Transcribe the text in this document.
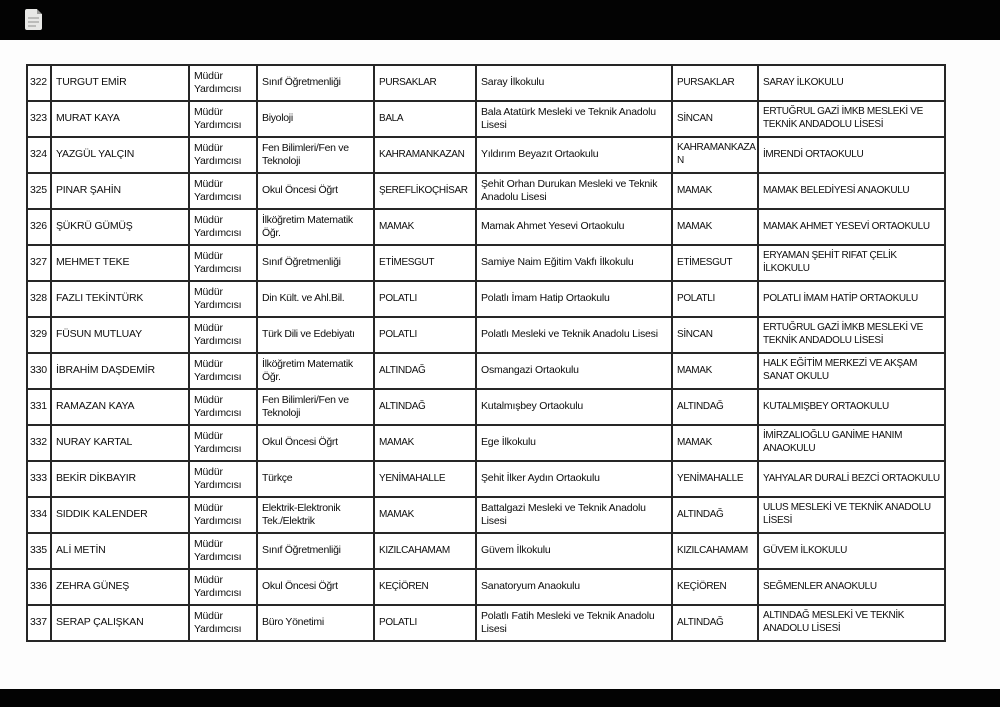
322	TURGUT EMİR	Müdür Yardımcısı	Sınıf Öğretmenliği	PURSAKLAR	Saray İlkokulu	PURSAKLAR	SARAY İLKOKULU
323	MURAT KAYA	Müdür Yardımcısı	Biyoloji	BALA	Bala Atatürk Mesleki ve Teknik Anadolu Lisesi	SİNCAN	ERTUĞRUL GAZİ İMKB MESLEKİ VE TEKNİK ANDADOLU LİSESİ
324	YAZGÜL YALÇIN	Müdür Yardımcısı	Fen Bilimleri/Fen ve Teknoloji	KAHRAMANKAZAN	Yıldırım Beyazıt Ortaokulu	KAHRAMANKAZAN	İMRENDİ ORTAOKULU
325	PINAR ŞAHİN	Müdür Yardımcısı	Okul Öncesi Öğrt	ŞEREFLİKOÇHİSAR	Şehit Orhan Durukan Mesleki ve Teknik Anadolu Lisesi	MAMAK	MAMAK BELEDİYESİ ANAOKULU
326	ŞÜKRÜ GÜMÜŞ	Müdür Yardımcısı	İlköğretim Matematik Öğr.	MAMAK	Mamak Ahmet Yesevi Ortaokulu	MAMAK	MAMAK AHMET YESEVİ ORTAOKULU
327	MEHMET TEKE	Müdür Yardımcısı	Sınıf Öğretmenliği	ETİMESGUT	Samiye Naim Eğitim Vakfı İlkokulu	ETİMESGUT	ERYAMAN ŞEHİT RIFAT ÇELİK İLKOKULU
328	FAZLI TEKİNTÜRK	Müdür Yardımcısı	Din Kült. ve Ahl.Bil.	POLATLI	Polatlı İmam Hatip Ortaokulu	POLATLI	POLATLI İMAM HATİP ORTAOKULU
329	FÜSUN MUTLUAY	Müdür Yardımcısı	Türk Dili ve Edebiyatı	POLATLI	Polatlı Mesleki ve Teknik Anadolu Lisesi	SİNCAN	ERTUĞRUL GAZİ İMKB MESLEKİ VE TEKNİK ANDADOLU LİSESİ
330	İBRAHİM DAŞDEMİR	Müdür Yardımcısı	İlköğretim Matematik Öğr.	ALTINDAĞ	Osmangazi Ortaokulu	MAMAK	HALK EĞİTİM MERKEZİ VE AKŞAM SANAT OKULU
331	RAMAZAN KAYA	Müdür Yardımcısı	Fen Bilimleri/Fen ve Teknoloji	ALTINDAĞ	Kutalmışbey Ortaokulu	ALTINDAĞ	KUTALMIŞBEY ORTAOKULU
332	NURAY KARTAL	Müdür Yardımcısı	Okul Öncesi Öğrt	MAMAK	Ege İlkokulu	MAMAK	İMİRZALIOĞLU GANİME HANIM ANAOKULU
333	BEKİR DİKBAYIR	Müdür Yardımcısı	Türkçe	YENİMAHALLE	Şehit İlker Aydın Ortaokulu	YENİMAHALLE	YAHYALAR DURALİ BEZCİ ORTAOKULU
334	SIDDIK KALENDER	Müdür Yardımcısı	Elektrik-Elektronik Tek./Elektrik	MAMAK	Battalgazi Mesleki ve Teknik Anadolu Lisesi	ALTINDAĞ	ULUS MESLEKİ VE TEKNİK ANADOLU LİSESİ
335	ALİ METİN	Müdür Yardımcısı	Sınıf Öğretmenliği	KIZILCAHAMAM	Güvem İlkokulu	KIZILCAHAMAM	GÜVEM İLKOKULU
336	ZEHRA GÜNEŞ	Müdür Yardımcısı	Okul Öncesi Öğrt	KEÇİÖREN	Sanatoryum Anaokulu	KEÇİÖREN	SEĞMENLER ANAOKULU
337	SERAP ÇALIŞKAN	Müdür Yardımcısı	Büro Yönetimi	POLATLI	Polatlı Fatih Mesleki ve Teknik Anadolu Lisesi	ALTINDAĞ	ALTINDAĞ MESLEKİ VE TEKNİK ANADOLU LİSESİ
